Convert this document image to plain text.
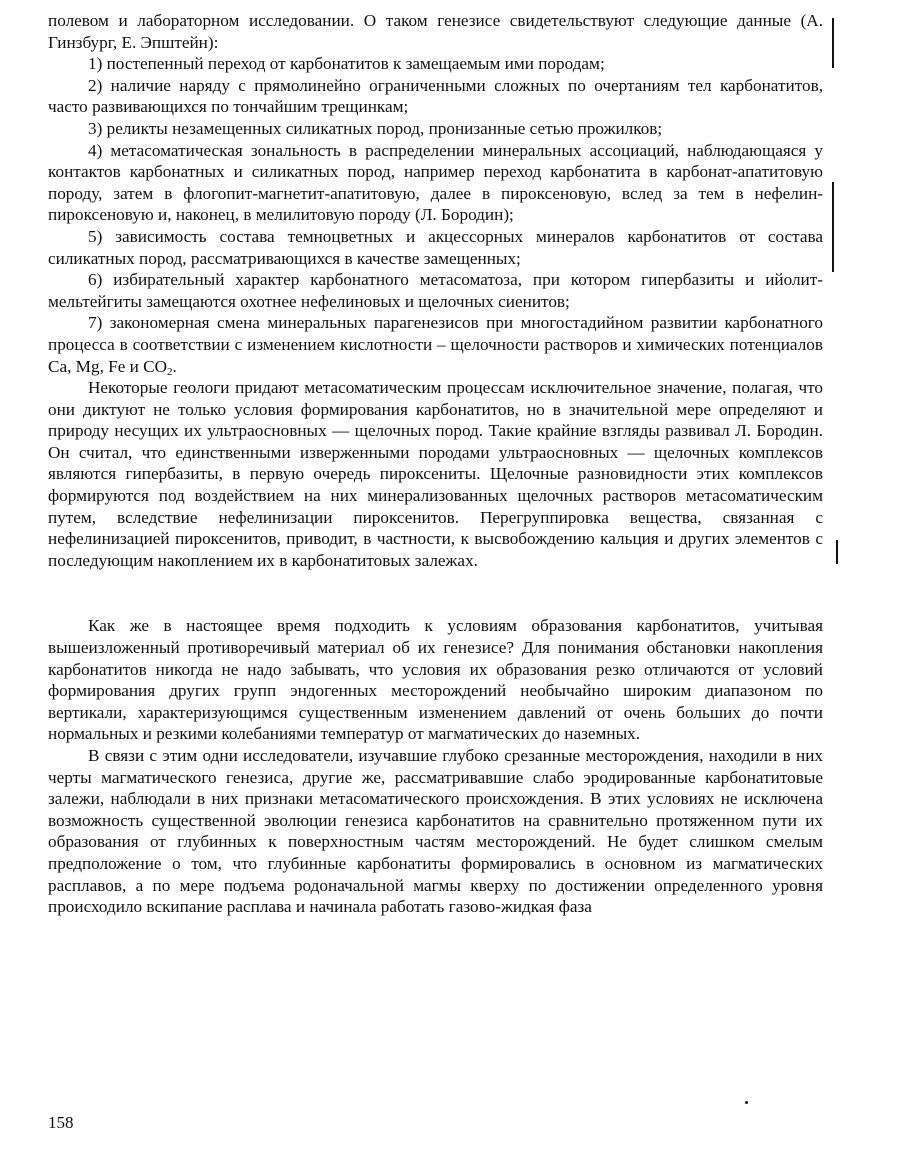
полевом и лабораторном исследовании. О таком генезисе свидетельствуют следующие данные (А. Гинзбург, Е. Эпштейн):

1) постепенный переход от карбонатитов к замещаемым ими породам;

2) наличие наряду с прямолинейно ограниченными сложных по очертаниям тел карбонатитов, часто развивающихся по тончайшим трещинкам;

3) реликты незамещенных силикатных пород, пронизанные сетью прожилков;

4) метасоматическая зональность в распределении минеральных ассоциаций, наблюдающаяся у контактов карбонатных и силикатных пород, например переход карбонатита в карбонат-апатитовую породу, затем в флогопит-магнетит-апатитовую, далее в пироксеновую, вслед за тем в нефелин-пироксеновую и, наконец, в мелилитовую породу (Л. Бородин);

5) зависимость состава темноцветных и акцессорных минералов карбонатитов от состава силикатных пород, рассматривающихся в качестве замещенных;

6) избирательный характер карбонатного метасоматоза, при котором гипербазиты и ийолит-мельтейгиты замещаются охотнее нефелиновых и щелочных сиенитов;

7) закономерная смена минеральных парагенезисов при многостадийном развитии карбонатного процесса в соответствии с изменением кислотности – щелочности растворов и химических потенциалов Ca, Mg, Fe и $CO_2$.

Некоторые геологи придают метасоматическим процессам исключительное значение, полагая, что они диктуют не только условия формирования карбонатитов, но в значительной мере определяют и природу несущих их ультраосновных — щелочных пород. Такие крайние взгляды развивал Л. Бородин. Он считал, что единственными изверженными породами ультраосновных — щелочных комплексов являются гипербазиты, в первую очередь пироксениты. Щелочные разновидности этих комплексов формируются под воздействием на них минерализованных щелочных растворов метасоматическим путем, вследствие нефелинизации пироксенитов. Перегруппировка вещества, связанная с нефелинизацией пироксенитов, приводит, в частности, к высвобождению кальция и других элементов с последующим накоплением их в карбонатитовых залежах.

Как же в настоящее время подходить к условиям образования карбонатитов, учитывая вышеизложенный противоречивый материал об их генезисе? Для понимания обстановки накопления карбонатитов никогда не надо забывать, что условия их образования резко отличаются от условий формирования других групп эндогенных месторождений необычайно широким диапазоном по вертикали, характеризующимся существенным изменением давлений от очень больших до почти нормальных и резкими колебаниями температур от магматических до наземных.

В связи с этим одни исследователи, изучавшие глубоко срезанные месторождения, находили в них черты магматического генезиса, другие же, рассматривавшие слабо эродированные карбонатитовые залежи, наблюдали в них признаки метасоматического происхождения. В этих условиях не исключена возможность существенной эволюции генезиса карбонатитов на сравнительно протяженном пути их образования от глубинных к поверхностным частям месторождений. Не будет слишком смелым предположение о том, что глубинные карбонатиты формировались в основном из магматических расплавов, а по мере подъема родоначальной магмы кверху по достижении определенного уровня происходило вскипание расплава и начинала работать газово-жидкая фаза

158
